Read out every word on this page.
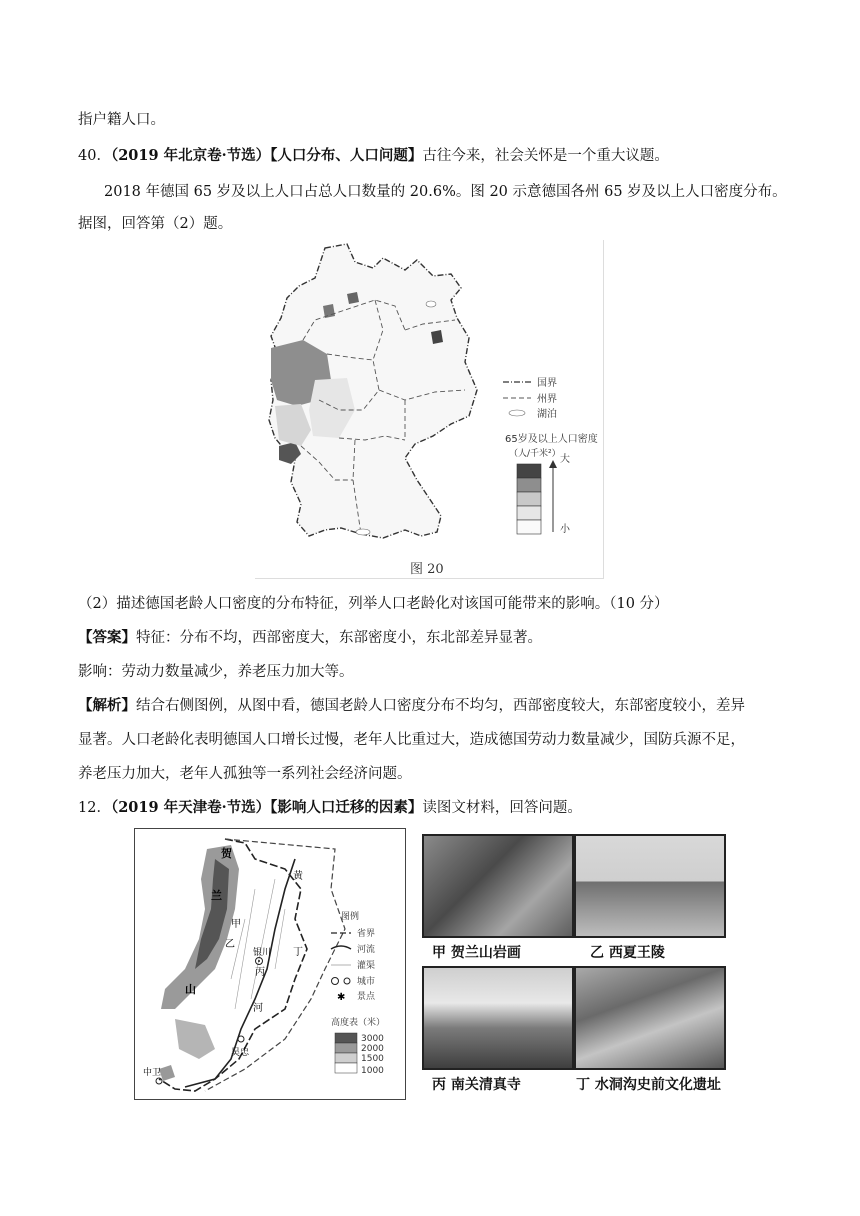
指户籍人口。
40．（2019 年北京卷·节选）【人口分布、人口问题】古往今来，社会关怀是一个重大议题。
2018 年德国 65 岁及以上人口占总人口数量的 20.6%。图 20 示意德国各州 65 岁及以上人口密度分布。
据图，回答第（2）题。
国界
州界
湖泊
65岁及以上人口密度
（人/千米²） 大
小
图 20
（2）描述德国老龄人口密度的分布特征，列举人口老龄化对该国可能带来的影响。（10 分）
【答案】特征：分布不均，西部密度大，东部密度小，东北部差异显著。
影响：劳动力数量减少，养老压力加大等。
【解析】结合右侧图例，从图中看，德国老龄人口密度分布不均匀，西部密度较大，东部密度较小，差异
显著。人口老龄化表明德国人口增长过慢，老年人比重过大，造成德国劳动力数量减少，国防兵源不足，
养老压力加大，老年人孤独等一系列社会经济问题。
12．（2019 年天津卷·节选）【影响人口迁移的因素】读图文材料，回答问题。
甲
乙
丙
丁
银川
吴忠
中卫
贺
兰
山
黄
河
图例
省界
河流
灌渠
城市
✱ 景点
高度表（米）
3000
2000
1500
1000
甲 贺兰山岩画	乙 西夏王陵
丙 南关清真寺	丁 水洞沟史前文化遗址
